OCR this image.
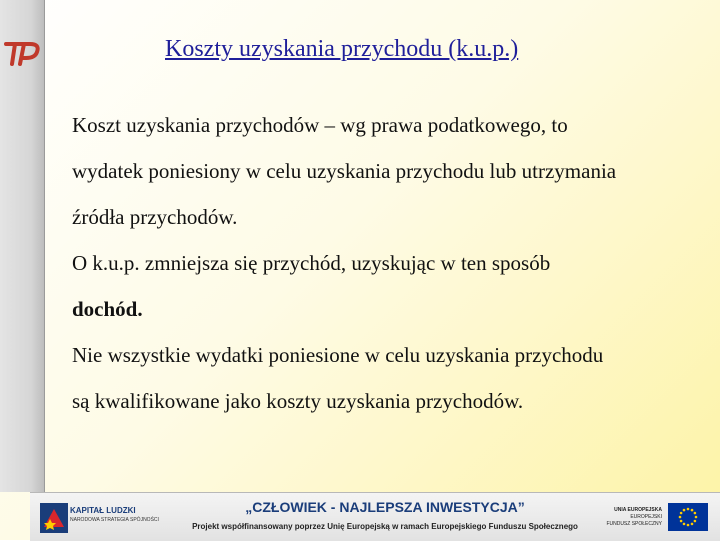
Koszty uzyskania przychodu (k.u.p.)

Koszt uzyskania przychodów – wg prawa podatkowego, to
wydatek poniesiony w celu uzyskania przychodu lub utrzymania
źródła przychodów.

O k.u.p. zmniejsza się przychód, uzyskując w ten sposób
dochód.

Nie wszystkie wydatki poniesione w celu uzyskania przychodu
są kwalifikowane jako koszty uzyskania przychodów.

KAPITAŁ LUDZKI
NARODOWA STRATEGIA SPÓJNOŚCI
„CZŁOWIEK - NAJLEPSZA INWESTYCJA”
Projekt współfinansowany poprzez Unię Europejską w ramach Europejskiego Funduszu Społecznego
UNIA EUROPEJSKA
EUROPEJSKI
FUNDUSZ SPOŁECZNY
